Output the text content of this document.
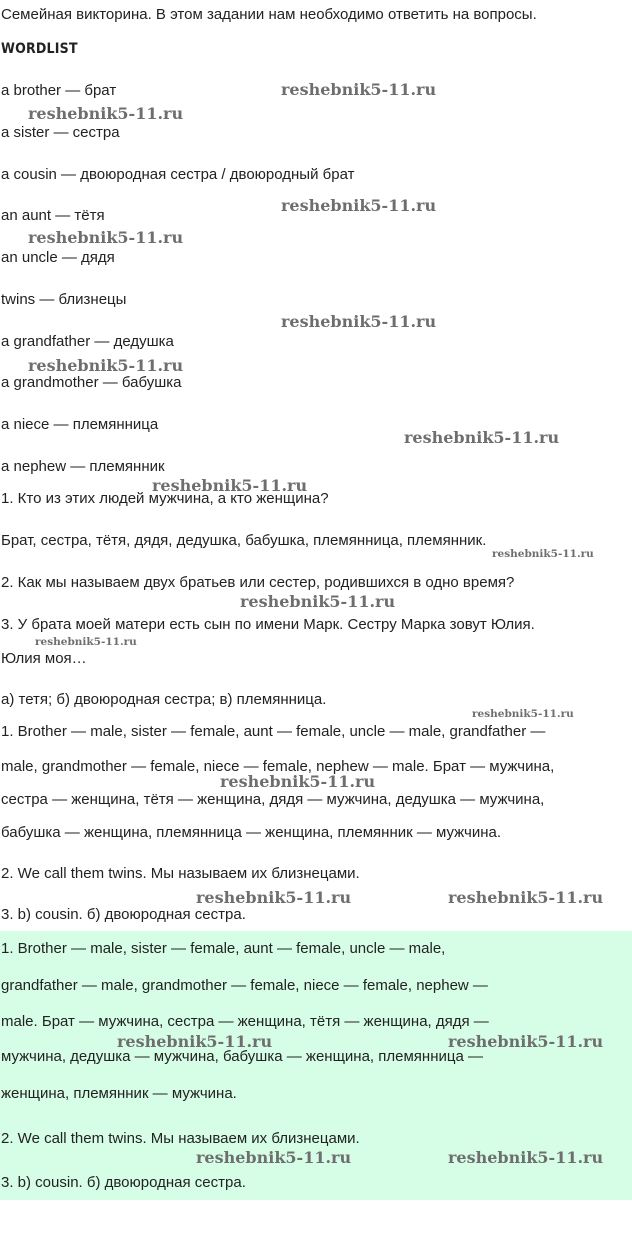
Семейная викторина. В этом задании нам необходимо ответить на вопросы.
WORDLIST
a brother — брат
a sister — сестра
a cousin — двоюродная сестра / двоюродный брат
an aunt — тётя
an uncle — дядя
twins — близнецы
a grandfather — дедушка
a grandmother — бабушка
a niece — племянница
a nephew — племянник
1. Кто из этих людей мужчина, а кто женщина?
Брат, сестра, тётя, дядя, дедушка, бабушка, племянница, племянник.
2. Как мы называем двух братьев или сестер, родившихся в одно время?
3. У брата моей матери есть сын по имени Марк. Сестру Марка зовут Юлия.
Юлия моя…
а) тетя; б) двоюродная сестра; в) племянница.
1. Brother — male, sister — female, aunt — female, uncle — male, grandfather —
male, grandmother — female, niece — female, nephew — male. Брат — мужчина,
сестра — женщина, тётя — женщина, дядя — мужчина, дедушка — мужчина,
бабушка — женщина, племянница — женщина, племянник — мужчина.
2. We call them twins. Мы называем их близнецами.
3. b) cousin. б) двоюродная сестра.
1. Brother — male, sister — female, aunt — female, uncle — male,
grandfather — male, grandmother — female, niece — female, nephew —
male. Брат — мужчина, сестра — женщина, тётя — женщина, дядя —
мужчина, дедушка — мужчина, бабушка — женщина, племянница —
женщина, племянник — мужчина.
2. We call them twins. Мы называем их близнецами.
3. b) cousin. б) двоюродная сестра.
reshebnik5-11.ru
reshebnik5-11.ru
reshebnik5-11.ru
reshebnik5-11.ru
reshebnik5-11.ru
reshebnik5-11.ru
reshebnik5-11.ru
reshebnik5-11.ru
reshebnik5-11.ru
reshebnik5-11.ru
reshebnik5-11.ru
reshebnik5-11.ru
reshebnik5-11.ru
reshebnik5-11.ru	reshebnik5-11.ru
reshebnik5-11.ru	reshebnik5-11.ru
reshebnik5-11.ru	reshebnik5-11.ru
